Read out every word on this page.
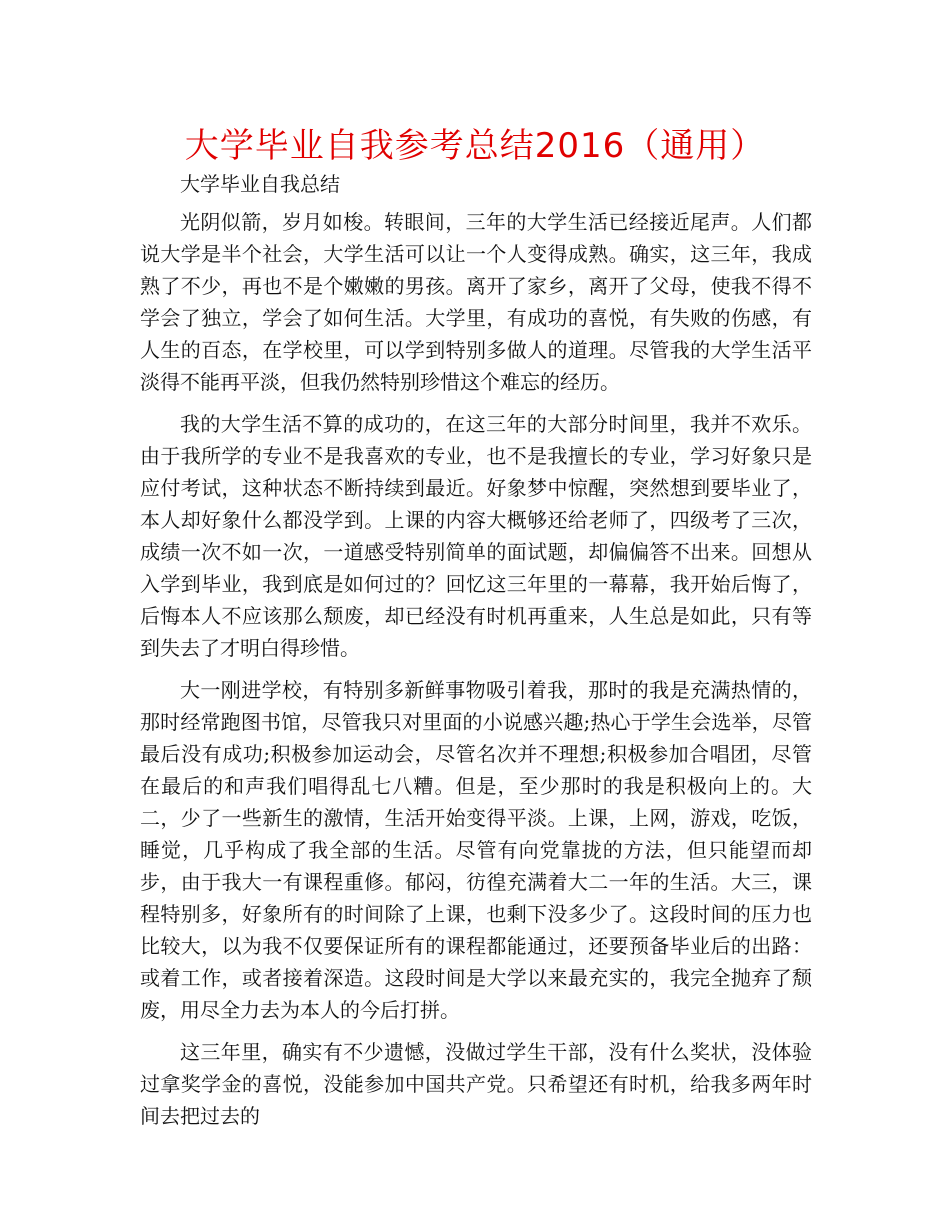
大学毕业自我参考总结2016（通用）

大学毕业自我总结

光阴似箭，岁月如梭。转眼间，三年的大学生活已经接近尾声。人们都说大学是半个社会，大学生活可以让一个人变得成熟。确实，这三年，我成熟了不少，再也不是个嫩嫩的男孩。离开了家乡，离开了父母，使我不得不学会了独立，学会了如何生活。大学里，有成功的喜悦，有失败的伤感，有人生的百态，在学校里，可以学到特别多做人的道理。尽管我的大学生活平淡得不能再平淡，但我仍然特别珍惜这个难忘的经历。

我的大学生活不算的成功的，在这三年的大部分时间里，我并不欢乐。由于我所学的专业不是我喜欢的专业，也不是我擅长的专业，学习好象只是应付考试，这种状态不断持续到最近。好象梦中惊醒，突然想到要毕业了，本人却好象什么都没学到。上课的内容大概够还给老师了，四级考了三次，成绩一次不如一次，一道感受特别简单的面试题，却偏偏答不出来。回想从入学到毕业，我到底是如何过的？回忆这三年里的一幕幕，我开始后悔了，后悔本人不应该那么颓废，却已经没有时机再重来，人生总是如此，只有等到失去了才明白得珍惜。

大一刚进学校，有特别多新鲜事物吸引着我，那时的我是充满热情的，那时经常跑图书馆，尽管我只对里面的小说感兴趣;热心于学生会选举，尽管最后没有成功;积极参加运动会，尽管名次并不理想;积极参加合唱团，尽管在最后的和声我们唱得乱七八糟。但是，至少那时的我是积极向上的。大二，少了一些新生的激情，生活开始变得平淡。上课，上网，游戏，吃饭，睡觉，几乎构成了我全部的生活。尽管有向党靠拢的方法，但只能望而却步，由于我大一有课程重修。郁闷，彷徨充满着大二一年的生活。大三，课程特别多，好象所有的时间除了上课，也剩下没多少了。这段时间的压力也比较大，以为我不仅要保证所有的课程都能通过，还要预备毕业后的出路：或着工作，或者接着深造。这段时间是大学以来最充实的，我完全抛弃了颓废，用尽全力去为本人的今后打拼。

这三年里，确实有不少遗憾，没做过学生干部，没有什么奖状，没体验过拿奖学金的喜悦，没能参加中国共产党。只希望还有时机，给我多两年时间去把过去的
